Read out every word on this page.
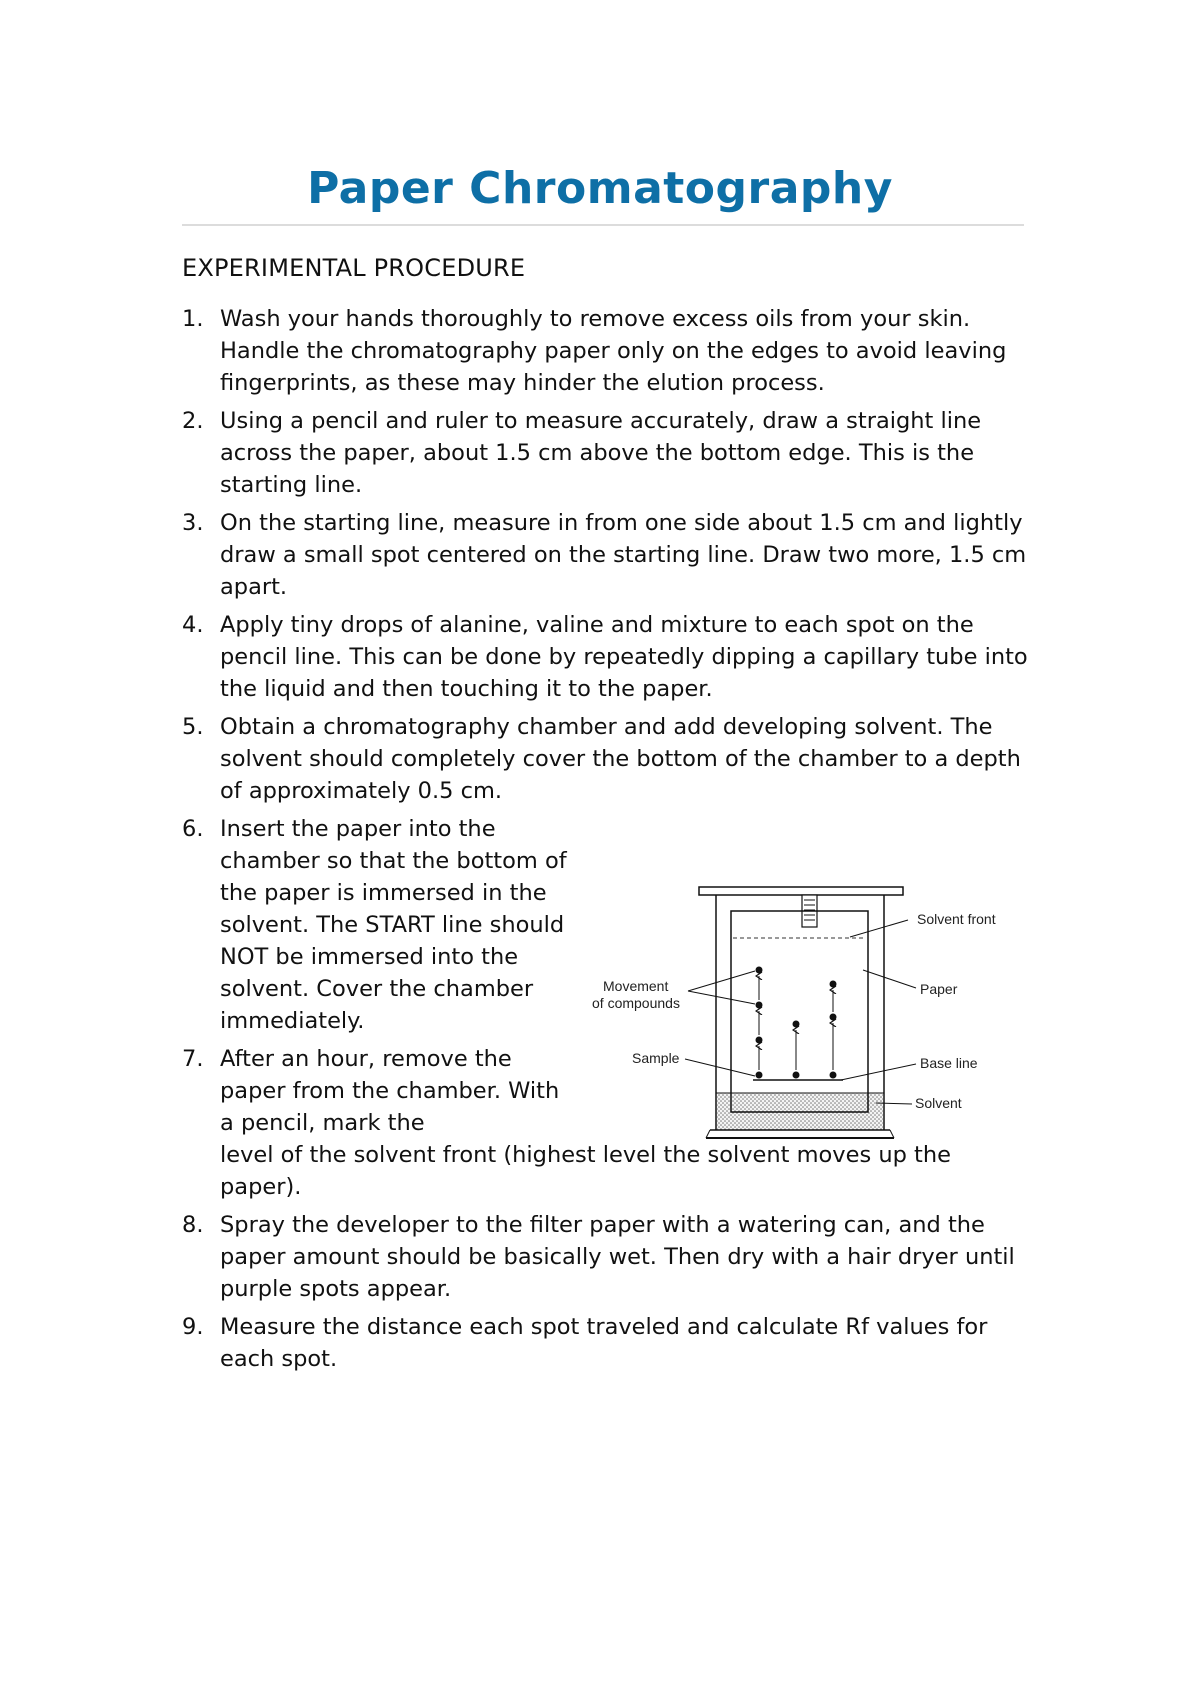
Paper Chromatography
EXPERIMENTAL PROCEDURE
1. Wash your hands thoroughly to remove excess oils from your skin. Handle the chromatography paper only on the edges to avoid leaving fingerprints, as these may hinder the elution process.
2. Using a pencil and ruler to measure accurately, draw a straight line across the paper, about 1.5 cm above the bottom edge. This is the starting line.
3. On the starting line, measure in from one side about 1.5 cm and lightly draw a small spot centered on the starting line. Draw two more, 1.5 cm apart.
4. Apply tiny drops of alanine, valine and mixture to each spot on the pencil line. This can be done by repeatedly dipping a capillary tube into the liquid and then touching it to the paper.
5. Obtain a chromatography chamber and add developing solvent. The solvent should completely cover the bottom of the chamber to a depth of approximately 0.5 cm.
6. Insert the paper into the chamber so that the bottom of the paper is immersed in the solvent. The START line should NOT be immersed into the solvent. Cover the chamber immediately.
7. After an hour, remove the paper from the chamber. With a pencil, mark the
level of the solvent front (highest level the solvent moves up the paper).
8. Spray the developer to the filter paper with a watering can, and the paper amount should be basically wet. Then dry with a hair dryer until purple spots appear.
9. Measure the distance each spot traveled and calculate Rf values for each spot.
Solvent front
Paper
Movement
of compounds
Sample	Base line
Solvent
